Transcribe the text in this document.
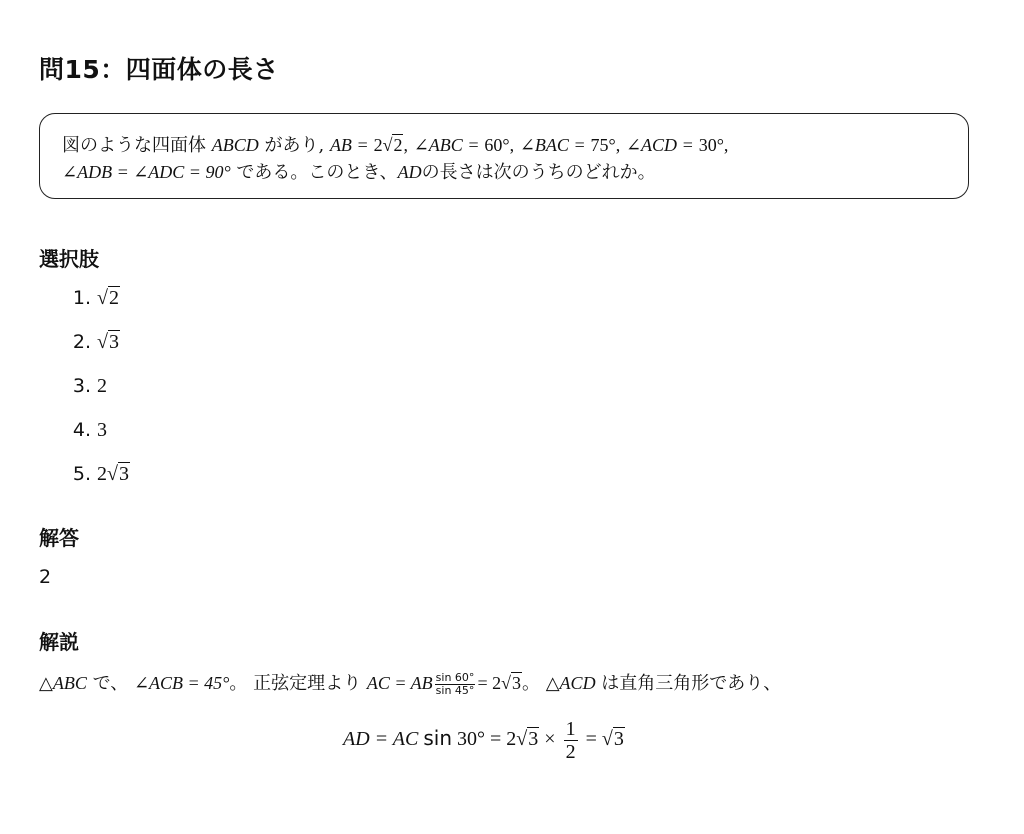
問15：四面体の長さ
図のような四面体 ABCD があり, AB = 2√2, ∠ABC = 60°, ∠BAC = 75°, ∠ACD = 30°,
∠ADB = ∠ADC = 90° である。このとき、ADの長さは次のうちのどれか。
選択肢
1. √2
2. √3
3. 2
4. 3
5. 2√3
解答
2
解説
△ABC で、 ∠ACB = 45°。 正弦定理より AC = AB $\frac{\sin 60^\circ}{\sin 45^\circ} = 2√3$。 △ACD は直角三角形であり、
AD = AC $\sin 30^\circ = 2√3 \times \frac{1}{2} = √3$
